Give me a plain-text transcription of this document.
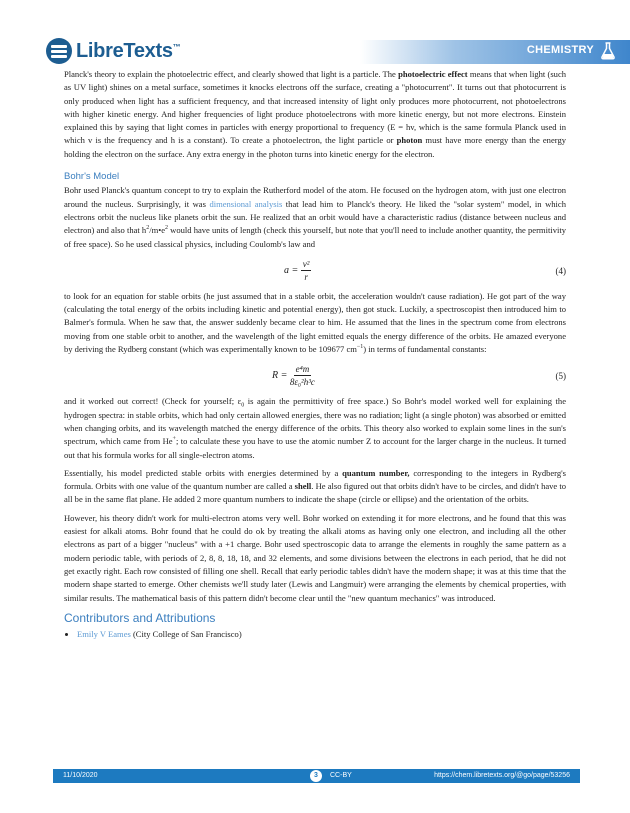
LibreTexts™	CHEMISTRY

Planck's theory to explain the photoelectric effect, and clearly showed that light is a particle. The photoelectric effect means that when light (such as UV light) shines on a metal surface, sometimes it knocks electrons off the surface, creating a "photocurrent". It turns out that photocurrent is only produced when light has a sufficient frequency, and that increased intensity of light only produces more photocurrent, not photoelectrons with higher kinetic energy. And higher frequencies of light produce photoelectrons with more kinetic energy, but not more electrons. Einstein explained this by saying that light comes in particles with energy proportional to frequency (E = hv, which is the same formula Planck used in which v is the frequency and h is a constant). To create a photoelectron, the light particle or photon must have more energy than the energy holding the electron on the surface. Any extra energy in the photon turns into kinetic energy for the electron.

Bohr's Model

Bohr used Planck's quantum concept to try to explain the Rutherford model of the atom. He focused on the hydrogen atom, with just one electron around the nucleus. Surprisingly, it was dimensional analysis that lead him to Planck's theory. He liked the "solar system" model, in which electrons orbit the nucleus like planets orbit the sun. He realized that an orbit would have a characteristic radius (distance between nucleus and electron) and also that $h^2/m•e^2$ would have units of length (check this yourself, but note that you'll need to include another quantity, the permitivity of free space). So he used classical physics, including Coulomb's law and

$a = \frac{\text{v²}}{r}$	(4)

to look for an equation for stable orbits (he just assumed that in a stable orbit, the acceleration wouldn't cause radiation). He got part of the way (calculating the total energy of the orbits including kinetic and potential energy), then got stuck. Luckily, a spectroscopist then introduced him to Balmer's formula. When he saw that, the answer suddenly became clear to him. He assumed that the lines in the spectrum come from electrons moving from one stable orbit to another, and the wavelength of the light emitted equals the energy difference of the orbits. He amazed everyone by deriving the Rydberg constant (which was experimentally known to be 109677 $cm^{-1}$) in terms of fundamental constants:

$R = \frac{\text{e⁴m}}{\text{8ε₀²h³c}}$	(5)

and it worked out correct! (Check for yourself; $\varepsilon_0$ is again the permittivity of free space.) So Bohr's model worked well for explaining the hydrogen spectra: in stable orbits, which had only certain allowed energies, there was no radiation; light (a single photon) was absorbed or emitted when changing orbits, and its wavelength matched the energy difference of the orbits. This theory also worked to explain some lines in the sun's spectrum, which came from He+; to calculate these you have to use the atomic number Z to account for the larger charge in the nucleus. It turned out that his formula works for all single-electron atoms.

Essentially, his model predicted stable orbits with energies determined by a quantum number, corresponding to the integers in Rydberg's formula. Orbits with one value of the quantum number are called a shell. He also figured out that orbits didn't have to be circles, and didn't have to all be in the same flat plane. He added 2 more quantum numbers to indicate the shape (circle or ellipse) and the orientation of the orbits.

However, his theory didn't work for multi-electron atoms very well. Bohr worked on extending it for more electrons, and he found that this was easiest for alkali atoms. Bohr found that he could do ok by treating the alkali atoms as having only one electron, and including all the other electrons as part of a bigger "nucleus" with a +1 charge. Bohr used spectroscopic data to arrange the elements in roughly the same pattern as a modern periodic table, with periods of 2, 8, 8, 18, 18, and 32 elements, and some divisions between the electrons in each period, that he did not get exactly right. Each row consisted of filling one shell. Recall that early periodic tables didn't have the modern shape; it was at this time that the modern shape started to emerge. Other chemists we'll study later (Lewis and Langmuir) were arranging the elements by chemical properties, with similar results. The mathematical basis of this pattern didn't become clear until the "new quantum mechanics" was introduced.

Contributors and Attributions
• Emily V Eames (City College of San Francisco)
11/10/2020	3	CC-BY	https://chem.libretexts.org/@go/page/53256
